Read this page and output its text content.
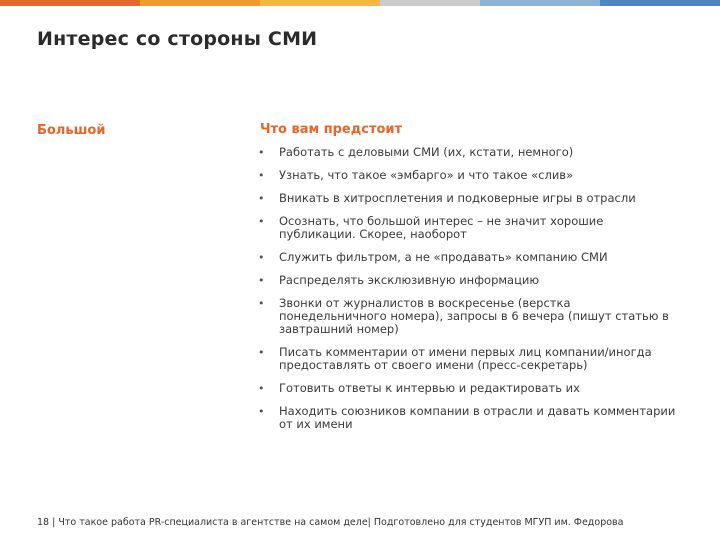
Интерес со стороны СМИ
Большой	Что вам предстоит
• Работать с деловыми СМИ (их, кстати, немного)
• Узнать, что такое «эмбарго» и что такое «слив»
• Вникать в хитросплетения и подковерные игры в отрасли
• Осознать, что большой интерес – не значит хорошие публикации. Скорее, наоборот
• Служить фильтром, а не «продавать» компанию СМИ
• Распределять эксклюзивную информацию
• Звонки от журналистов в воскресенье (верстка понедельничного номера), запросы в 6 вечера (пишут статью в завтрашний номер)
• Писать комментарии от имени первых лиц компании/иногда предоставлять от своего имени (пресс-секретарь)
• Готовить ответы к интервью и редактировать их
• Находить союзников компании в отрасли и давать комментарии от их имени
18 | Что такое работа PR-специалиста в агентстве на самом деле| Подготовлено для студентов МГУП им. Федорова
